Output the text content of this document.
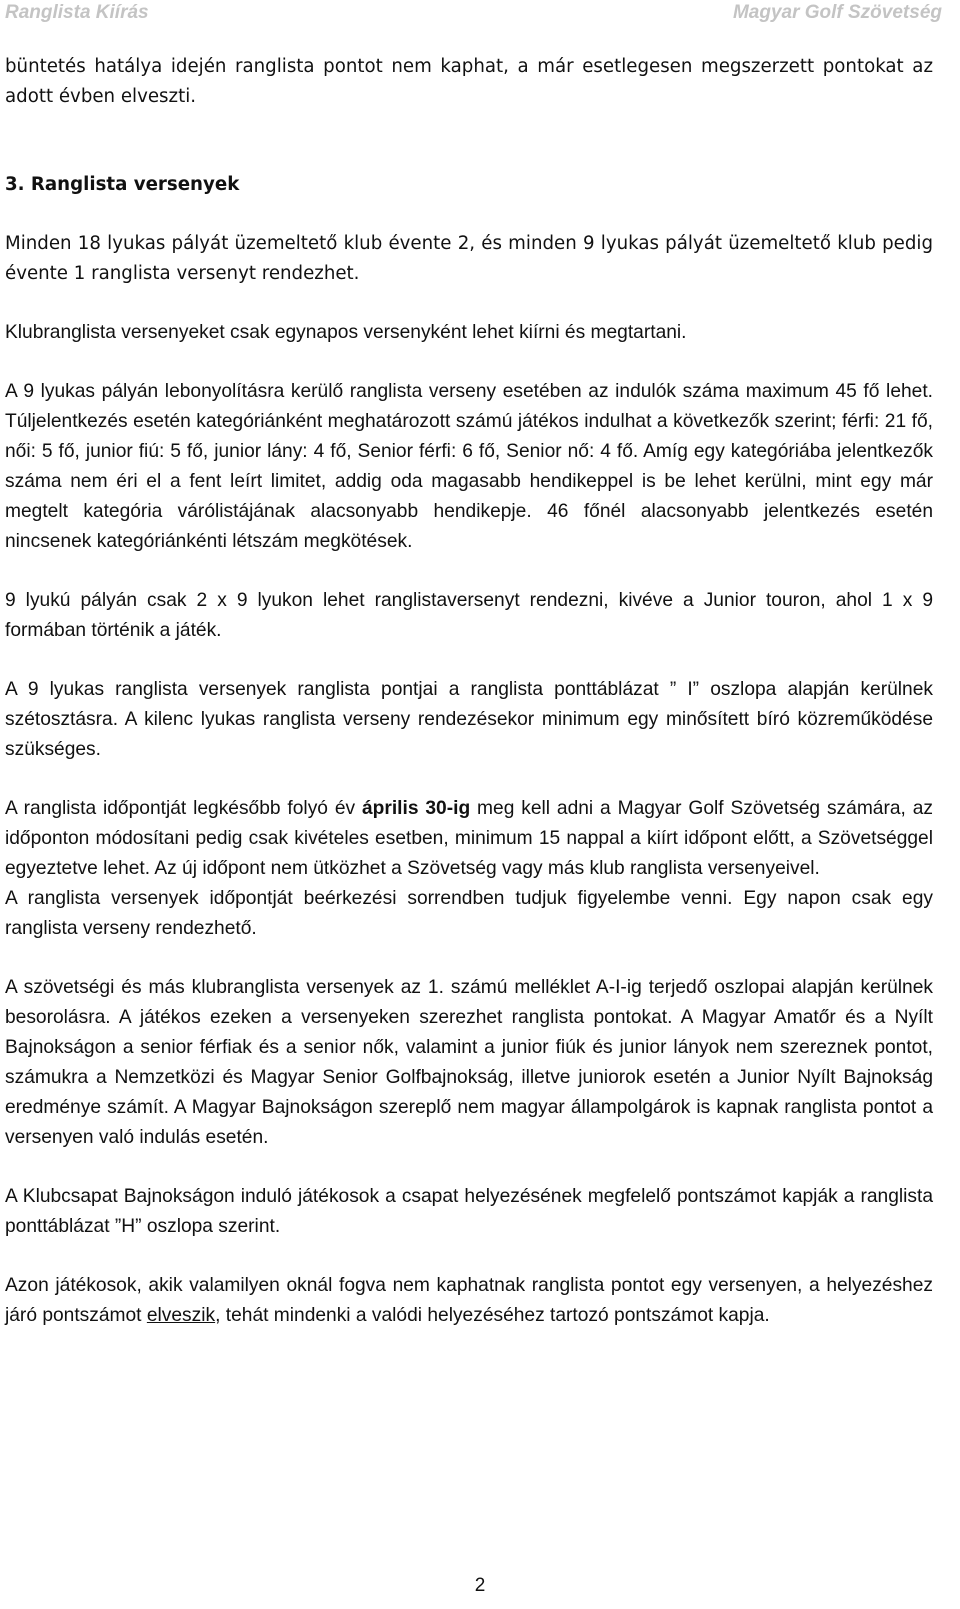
Ranglista Kiírás	Magyar Golf Szövetség

büntetés hatálya idején ranglista pontot nem kaphat, a már esetlegesen megszerzett pontokat az adott évben elveszti.

3. Ranglista versenyek

Minden 18 lyukas pályát üzemeltető klub évente 2, és minden 9 lyukas pályát üzemeltető klub pedig évente 1 ranglista versenyt rendezhet.

Klubranglista versenyeket csak egynapos versenyként lehet kiírni és megtartani.

A 9 lyukas pályán lebonyolításra kerülő ranglista verseny esetében az indulók száma maximum 45 fő lehet. Túljelentkezés esetén kategóriánként meghatározott számú játékos indulhat a következők szerint; férfi: 21 fő, női: 5 fő, junior fiú: 5 fő, junior lány: 4 fő, Senior férfi: 6 fő, Senior nő: 4 fő. Amíg egy kategóriába jelentkezők száma nem éri el a fent leírt limitet, addig oda magasabb hendikeppel is be lehet kerülni, mint egy már megtelt kategória várólistájának alacsonyabb hendikepje. 46 főnél alacsonyabb jelentkezés esetén nincsenek kategóriánkénti létszám megkötések.

9 lyukú pályán csak 2 x 9 lyukon lehet ranglistaversenyt rendezni, kivéve a Junior touron, ahol 1 x 9 formában történik a játék.

A 9 lyukas ranglista versenyek ranglista pontjai a ranglista ponttáblázat ” I” oszlopa alapján kerülnek szétosztásra. A kilenc lyukas ranglista verseny rendezésekor minimum egy minősített bíró közreműködése szükséges.

A ranglista időpontját legkésőbb folyó év április 30-ig meg kell adni a Magyar Golf Szövetség számára, az időponton módosítani pedig csak kivételes esetben, minimum 15 nappal a kiírt időpont előtt, a Szövetséggel egyeztetve lehet. Az új időpont nem ütközhet a Szövetség vagy más klub ranglista versenyeivel.

A ranglista versenyek időpontját beérkezési sorrendben tudjuk figyelembe venni. Egy napon csak egy ranglista verseny rendezhető.

A szövetségi és más klubranglista versenyek az 1. számú melléklet A-I-ig terjedő oszlopai alapján kerülnek besorolásra. A játékos ezeken a versenyeken szerezhet ranglista pontokat. A Magyar Amatőr és a Nyílt Bajnokságon a senior férfiak és a senior nők, valamint a junior fiúk és junior lányok nem szereznek pontot, számukra a Nemzetközi és Magyar Senior Golfbajnokság, illetve juniorok esetén a Junior Nyílt Bajnokság eredménye számít. A Magyar Bajnokságon szereplő nem magyar állampolgárok is kapnak ranglista pontot a versenyen való indulás esetén.

A Klubcsapat Bajnokságon induló játékosok a csapat helyezésének megfelelő pontszámot kapják a ranglista ponttáblázat ”H” oszlopa szerint.

Azon játékosok, akik valamilyen oknál fogva nem kaphatnak ranglista pontot egy versenyen, a helyezéshez járó pontszámot elveszik, tehát mindenki a valódi helyezéséhez tartozó pontszámot kapja.

2
